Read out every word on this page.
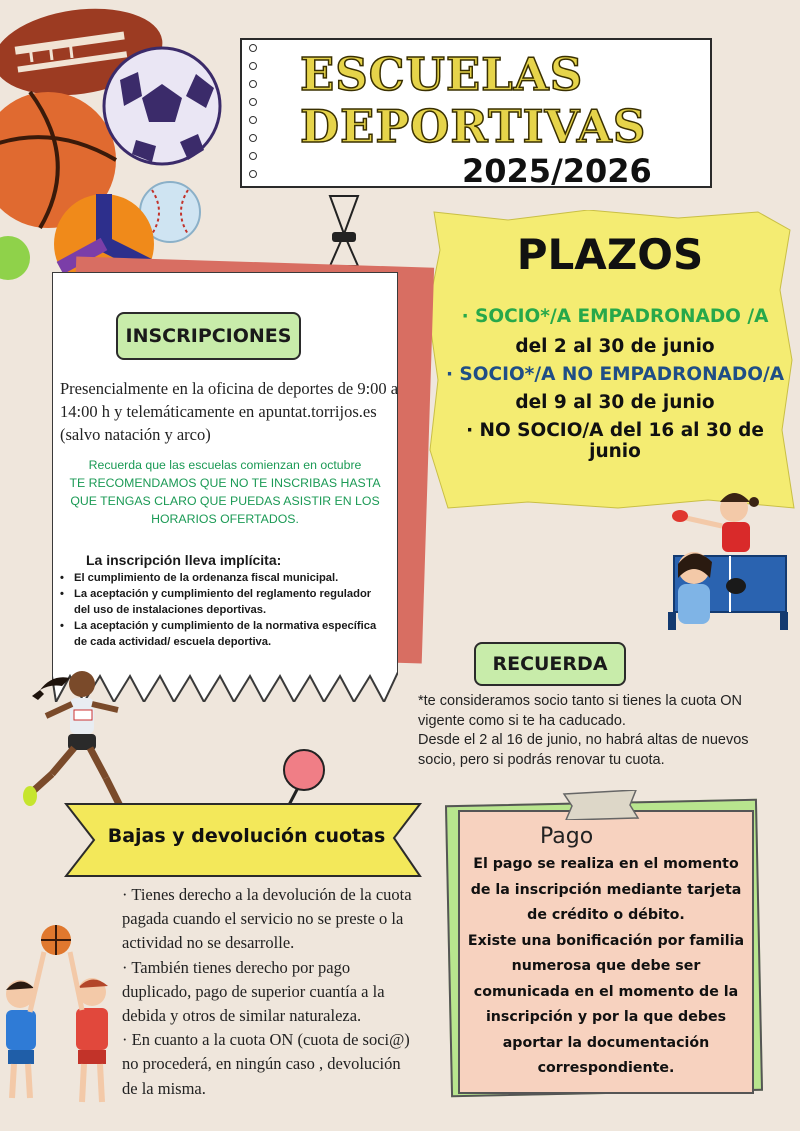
ESCUELAS
DEPORTIVAS
2025/2026
PLAZOS
· SOCIO*/A EMPADRONADO /A
del 2 al 30 de junio
· SOCIO*/A NO EMPADRONADO/A
del 9 al 30 de junio
· NO SOCIO/A del 16 al 30 de junio
INSCRIPCIONES
Presencialmente en la oficina de deportes de 9:00 a 14:00 h y telemáticamente en apuntat.torrijos.es (salvo natación y arco)
Recuerda que las escuelas comienzan en octubre
TE RECOMENDAMOS QUE NO TE INSCRIBAS HASTA
QUE TENGAS CLARO QUE PUEDAS ASISTIR EN LOS
HORARIOS OFERTADOS.
La inscripción lleva implícita:
• El cumplimiento de la ordenanza fiscal municipal.
• La aceptación y cumplimiento del reglamento regulador del uso de instalaciones deportivas.
• La aceptación y cumplimiento de la normativa específica de cada actividad/ escuela deportiva.
RECUERDA
*te consideramos socio tanto si tienes la cuota ON vigente como si te ha caducado.
Desde el 2 al 16 de junio, no habrá altas de nuevos socio, pero si podrás renovar tu cuota.
Bajas y devolución cuotas
· Tienes derecho a la devolución de la cuota pagada cuando el servicio no se preste o la actividad no se desarrolle.
· También tienes derecho por pago duplicado, pago de superior cuantía a la debida y otros de similar naturaleza.
· En cuanto a la cuota ON (cuota de soci@) no procederá, en ningún caso , devolución de la misma.
Pago
El pago se realiza en el momento de la inscripción mediante tarjeta de crédito o débito.
Existe una bonificación por familia numerosa que debe ser comunicada en el momento de la inscripción y por la que debes aportar la documentación correspondiente.
